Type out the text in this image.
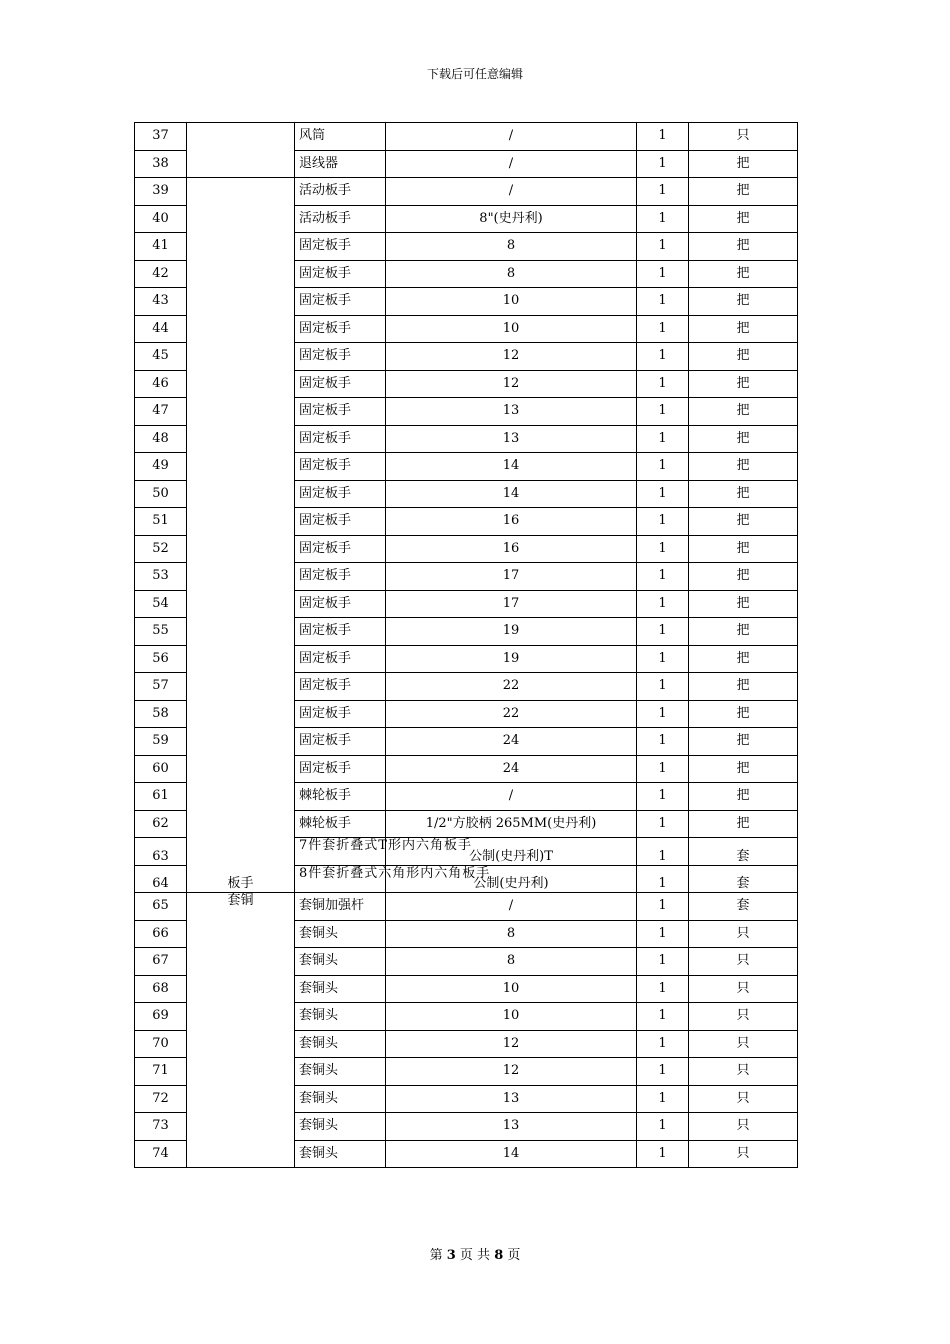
下载后可任意编辑
37		风筒	/	1	只
38		退线器	/	1	把
39	板手	活动板手	/	1	把
40		活动板手	8"(史丹利)	1	把
41		固定板手	8	1	把
42		固定板手	8	1	把
43		固定板手	10	1	把
44		固定板手	10	1	把
45		固定板手	12	1	把
46		固定板手	12	1	把
47		固定板手	13	1	把
48		固定板手	13	1	把
49		固定板手	14	1	把
50		固定板手	14	1	把
51		固定板手	16	1	把
52		固定板手	16	1	把
53		固定板手	17	1	把
54		固定板手	17	1	把
55		固定板手	19	1	把
56		固定板手	19	1	把
57		固定板手	22	1	把
58		固定板手	22	1	把
59		固定板手	24	1	把
60		固定板手	24	1	把
61		棘轮板手	/	1	把
62		棘轮板手	1/2"方胶柄 265MM(史丹利)	1	把
63		7件套折叠式T形内六角板手	公制(史丹利)T	1	套
64		8件套折叠式六角形内六角板手	公制(史丹利)	1	套
65	套铜	套铜加强杆	/	1	套
66		套铜头	8	1	只
67		套铜头	8	1	只
68		套铜头	10	1	只
69		套铜头	10	1	只
70		套铜头	12	1	只
71		套铜头	12	1	只
72		套铜头	13	1	只
73		套铜头	13	1	只
74		套铜头	14	1	只
第 3 页 共 8 页
